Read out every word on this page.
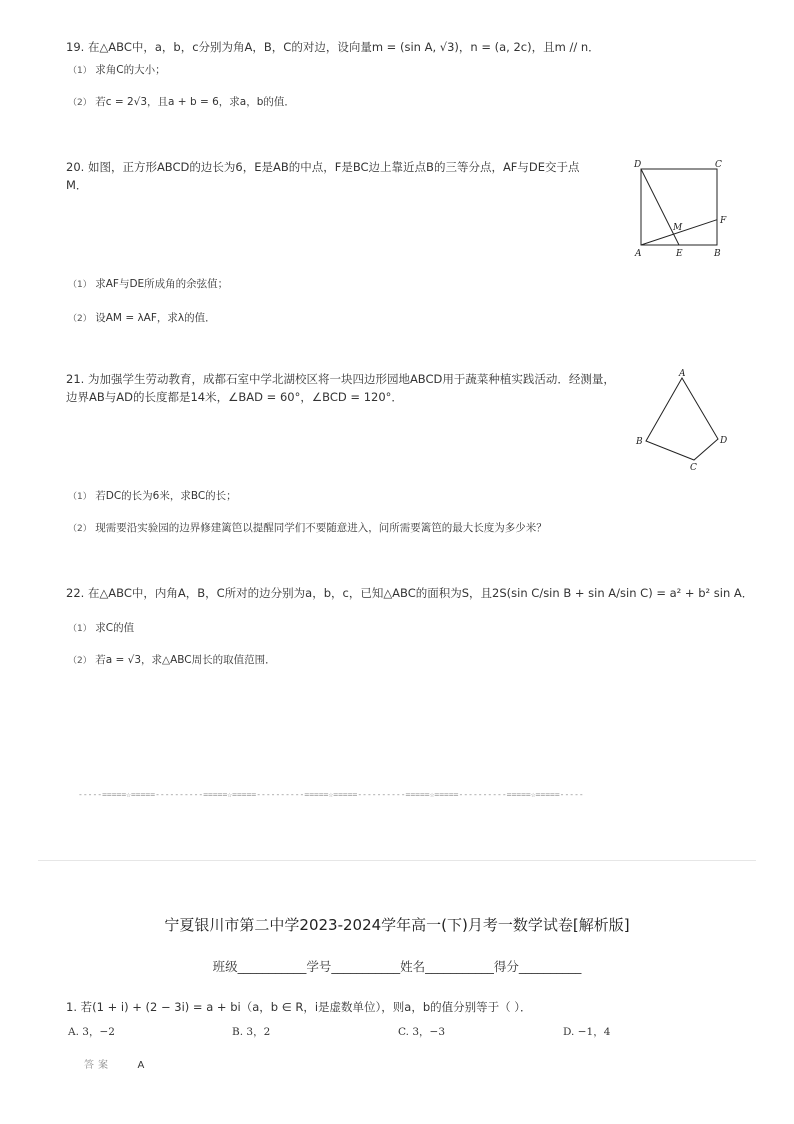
19. 在△ABC中，a，b，c分别为角A，B，C的对边，设向量m = (sin A, √3)，n = (a, 2c)，且m // n．
（1） 求角C的大小；
（2） 若c = 2√3，且a + b = 6，求a，b的值．
20. 如图，正方形ABCD的边长为6，E是AB的中点，F是BC边上靠近点B的三等分点，AF与DE交于点
M．
D	C
A	E	B
F
M
（1） 求AF与DE所成角的余弦值；
（2） 设AM = λAF，求λ的值．
21. 为加强学生劳动教育，成都石室中学北湖校区将一块四边形园地ABCD用于蔬菜种植实践活动．经测量，
边界AB与AD的长度都是14米，∠BAD = 60°，∠BCD = 120°．
A
B
C
D
（1） 若DC的长为6米，求BC的长；
（2） 现需要沿实验园的边界修建篱笆以提醒同学们不要随意进入，问所需要篱笆的最大长度为多少米？
22. 在△ABC中，内角A，B，C所对的边分别为a，b，c，已知△ABC的面积为S，且2S(sin C/sin B + sin A/sin C) = a² + b² sin A．
（1） 求C的值
（2） 若a = √3，求△ABC周长的取值范围．
-----=====☆=====----------=====☆=====----------=====☆=====----------=====☆=====----------=====☆=====-----
宁夏银川市第二中学2023-2024学年高一(下)月考一数学试卷[解析版]
班级___________学号___________姓名___________得分__________
1. 若(1 + i) + (2 − 3i) = a + bi（a，b ∈ R，i是虚数单位），则a，b的值分别等于（ ）．
A. 3，−2	B. 3，2	C. 3，−3	D. −1，4
答案	A
